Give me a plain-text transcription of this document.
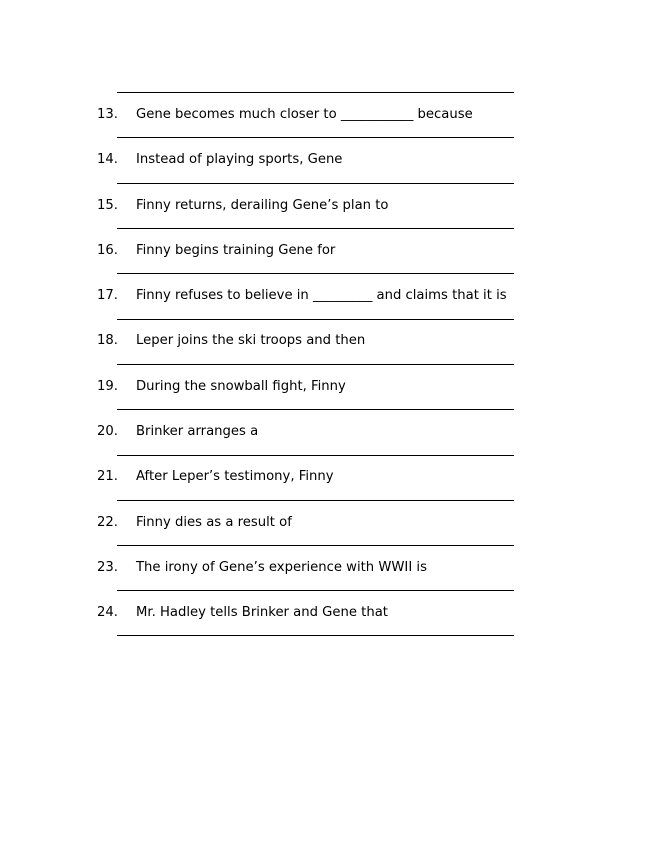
13. Gene becomes much closer to ___________ because
14. Instead of playing sports, Gene
15. Finny returns, derailing Gene’s plan to
16. Finny begins training Gene for
17. Finny refuses to believe in _________ and claims that it is
18. Leper joins the ski troops and then
19. During the snowball fight, Finny
20. Brinker arranges a
21. After Leper’s testimony, Finny
22. Finny dies as a result of
23. The irony of Gene’s experience with WWII is
24. Mr. Hadley tells Brinker and Gene that
